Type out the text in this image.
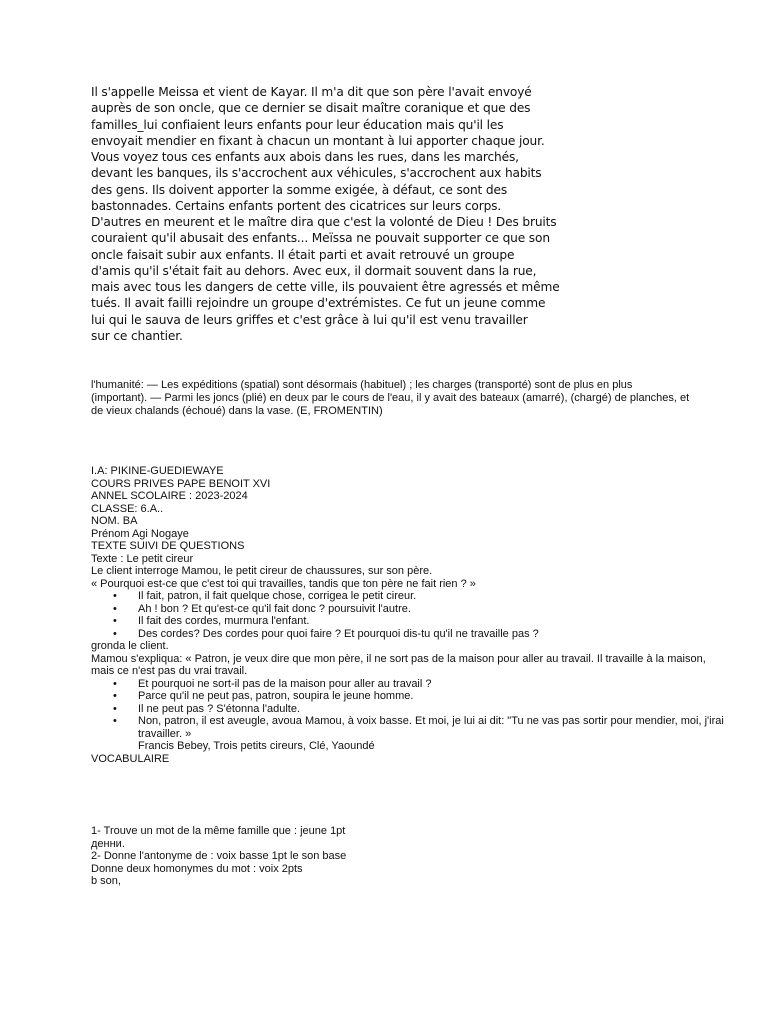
Il s'appelle Meissa et vient de Kayar. Il m'a dit que son père l'avait envoyé
auprès de son oncle, que ce dernier se disait maître coranique et que des
familles_lui confiaient leurs enfants pour leur éducation mais qu'il les
envoyait mendier en fixant à chacun un montant à lui apporter chaque jour.
Vous voyez tous ces enfants aux abois dans les rues, dans les marchés,
devant les banques, ils s'accrochent aux véhicules, s'accrochent aux habits
des gens. Ils doivent apporter la somme exigée, à défaut, ce sont des
bastonnades. Certains enfants portent des cicatrices sur leurs corps.
D'autres en meurent et le maître dira que c'est la volonté de Dieu ! Des bruits
couraient qu'il abusait des enfants... Meïssa ne pouvait supporter ce que son
oncle faisait subir aux enfants. Il était parti et avait retrouvé un groupe
d'amis qu'il s'était fait au dehors. Avec eux, il dormait souvent dans la rue,
mais avec tous les dangers de cette ville, ils pouvaient être agressés et même
tués. Il avait failli rejoindre un groupe d'extrémistes. Ce fut un jeune comme
lui qui le sauva de leurs griffes et c'est grâce à lui qu'il est venu travailler
sur ce chantier.
l'humanité: — Les expéditions (spatial) sont désormais (habituel) ; les charges (transporté) sont de plus en plus (important). — Parmi les joncs (plié) en deux par le cours de l'eau, il y avait des bateaux (amarré), (chargé) de planches, et de vieux chalands (échoué) dans la vase. (E, FROMENTIN)
I.A: PIKINE-GUEDIEWAYE
COURS PRIVES PAPE BENOIT XVI
ANNEL SCOLAIRE : 2023-2024
CLASSE: 6.A..
NOM. BA
Prénom Agi Nogaye
TEXTE SUIVI DE QUESTIONS
Texte : Le petit cireur
Le client interroge Mamou, le petit cireur de chaussures, sur son père.
« Pourquoi est-ce que c'est toi qui travailles, tandis que ton père ne fait rien ? »
• Il fait, patron, il fait quelque chose, corrigea le petit cireur.
• Ah ! bon ? Et qu'est-ce qu'il fait donc ? poursuivit l'autre.
• Il fait des cordes, murmura l'enfant.
• Des cordes? Des cordes pour quoi faire ? Et pourquoi dis-tu qu'il ne travaille pas ?
gronda le client.
Mamou s'expliqua: « Patron, je veux dire que mon père, il ne sort pas de la maison pour aller au travail. Il travaille à la maison, mais ce n'est pas du vrai travail.
• Et pourquoi ne sort-il pas de la maison pour aller au travail ?
• Parce qu'il ne peut pas, patron, soupira le jeune homme.
• Il ne peut pas ? S'étonna l'adulte.
• Non, patron, il est aveugle, avoua Mamou, à voix basse. Et moi, je lui ai dit: "Tu ne vas pas sortir pour mendier, moi, j'irai travailler. »
Francis Bebey, Trois petits cireurs, Clé, Yaoundé
VOCABULAIRE
1- Trouve un mot de la même famille que : jeune 1pt
денни.
2- Donne l'antonyme de : voix basse 1pt le son base
Donne deux homonymes du mot : voix 2pts
b son,
